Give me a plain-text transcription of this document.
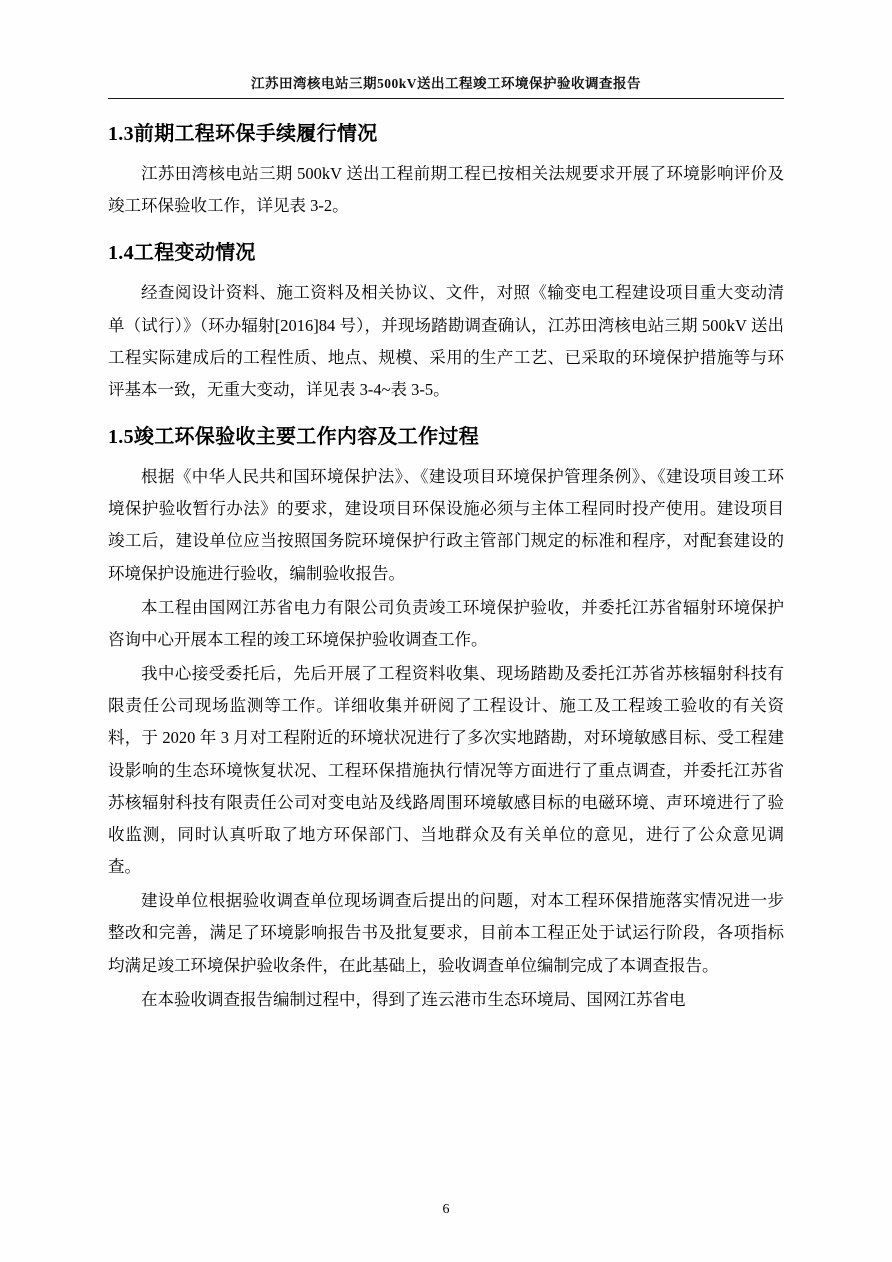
江苏田湾核电站三期500kV送出工程竣工环境保护验收调查报告
1.3前期工程环保手续履行情况

江苏田湾核电站三期 500kV 送出工程前期工程已按相关法规要求开展了环境影响评价及竣工环保验收工作，详见表 3-2。

1.4工程变动情况

经查阅设计资料、施工资料及相关协议、文件，对照《输变电工程建设项目重大变动清单（试行）》（环办辐射[2016]84 号），并现场踏勘调查确认，江苏田湾核电站三期 500kV 送出工程实际建成后的工程性质、地点、规模、采用的生产工艺、已采取的环境保护措施等与环评基本一致，无重大变动，详见表 3-4~表 3-5。

1.5竣工环保验收主要工作内容及工作过程

根据《中华人民共和国环境保护法》、《建设项目环境保护管理条例》、《建设项目竣工环境保护验收暂行办法》的要求，建设项目环保设施必须与主体工程同时投产使用。建设项目竣工后，建设单位应当按照国务院环境保护行政主管部门规定的标准和程序，对配套建设的环境保护设施进行验收，编制验收报告。

本工程由国网江苏省电力有限公司负责竣工环境保护验收，并委托江苏省辐射环境保护咨询中心开展本工程的竣工环境保护验收调查工作。

我中心接受委托后，先后开展了工程资料收集、现场踏勘及委托江苏省苏核辐射科技有限责任公司现场监测等工作。详细收集并研阅了工程设计、施工及工程竣工验收的有关资料，于 2020 年 3 月对工程附近的环境状况进行了多次实地踏勘，对环境敏感目标、受工程建设影响的生态环境恢复状况、工程环保措施执行情况等方面进行了重点调查，并委托江苏省苏核辐射科技有限责任公司对变电站及线路周围环境敏感目标的电磁环境、声环境进行了验收监测，同时认真听取了地方环保部门、当地群众及有关单位的意见，进行了公众意见调查。

建设单位根据验收调查单位现场调查后提出的问题，对本工程环保措施落实情况进一步整改和完善，满足了环境影响报告书及批复要求，目前本工程正处于试运行阶段，各项指标均满足竣工环境保护验收条件，在此基础上，验收调查单位编制完成了本调查报告。

在本验收调查报告编制过程中，得到了连云港市生态环境局、国网江苏省电

6
